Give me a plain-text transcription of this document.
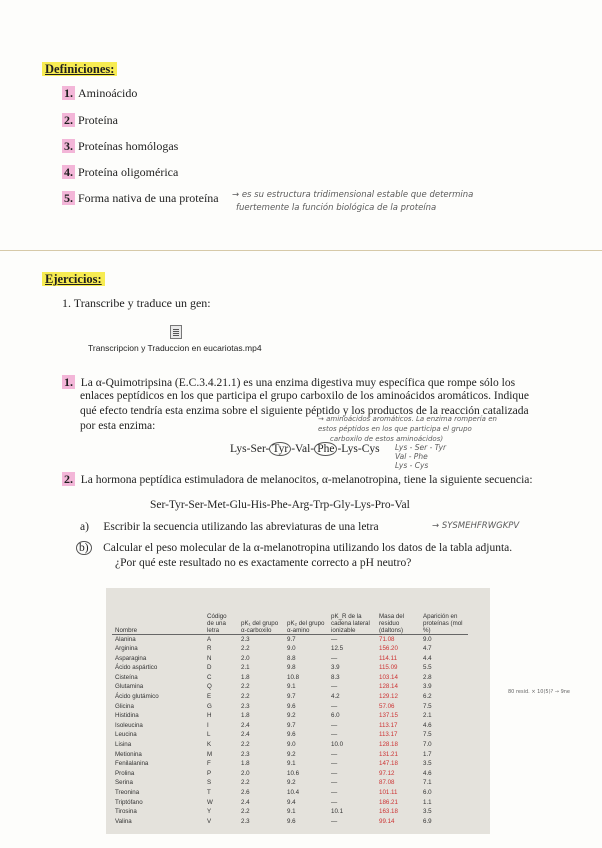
Definiciones:
1. Aminoácido
2. Proteína
3. Proteínas homólogas
4. Proteína oligomérica
5. Forma nativa de una proteína → es su estructura tridimensional estable que determina
fuertemente la función biológica de la proteína
Ejercicios:
1. Transcribe y traduce un gen:
Transcripcion y Traduccion en eucariotas.mp4
1. La α-Quimotripsina (E.C.3.4.21.1) es una enzima digestiva muy específica que rompe sólo los
enlaces peptídicos en los que participa el grupo carboxilo de los aminoácidos aromáticos. Indique
qué efecto tendría esta enzima sobre el siguiente péptido y los productos de la reacción catalizada
por esta enzima:
→ aminoácidos aromáticos. La enzima rompería en
estos péptidos en los que participa el grupo
carboxilo de estos aminoácidos)
Lys-Ser- Tyr -Val- Phe -Lys-Cys Lys - Ser - Tyr
Val - Phe
Lys - Cys
2. La hormona peptídica estimuladora de melanocitos, α-melanotropina, tiene la siguiente secuencia:
Ser-Tyr-Ser-Met-Glu-His-Phe-Arg-Trp-Gly-Lys-Pro-Val
a) Escribir la secuencia utilizando las abreviaturas de una letra	→ SYSMEHFRWGKPV
b) Calcular el peso molecular de la α-melanotropina utilizando los datos de la tabla adjunta.
¿Por qué este resultado no es exactamente correcto a pH neutro?
Nombre	Código de una letra	pK₁ del grupo α-carboxilo	pK₂ del grupo α-amino	pK_R de la cadena lateral ionizable	Masa del residuo (daltons)	Aparición en proteínas (mol %)
Alanina	A	2.3	9.7	—	71.08	9.0
Arginina	R	2.2	9.0	12.5	156.20	4.7
Asparagina	N	2.0	8.8	—	114.11	4.4
Ácido aspártico	D	2.1	9.8	3.9	115.09	5.5
Cisteína	C	1.8	10.8	8.3	103.14	2.8
Glutamina	Q	2.2	9.1	—	128.14	3.9
Ácido glutámico	E	2.2	9.7	4.2	129.12	6.2
Glicina	G	2.3	9.6	—	57.06	7.5
Histidina	H	1.8	9.2	6.0	137.15	2.1
Isoleucina	I	2.4	9.7	—	113.17	4.6
Leucina	L	2.4	9.6	—	113.17	7.5
Lisina	K	2.2	9.0	10.0	128.18	7.0
Metionina	M	2.3	9.2	—	131.21	1.7
Fenilalanina	F	1.8	9.1	—	147.18	3.5
Prolina	P	2.0	10.6	—	97.12	4.6
Serina	S	2.2	9.2	—	87.08	7.1
Treonina	T	2.6	10.4	—	101.11	6.0
Triptófano	W	2.4	9.4	—	186.21	1.1
Tirosina	Y	2.2	9.1	10.1	163.18	3.5
Valina	V	2.3	9.6	—	99.14	6.9
80 resid. × 10(5)? → 9ne
